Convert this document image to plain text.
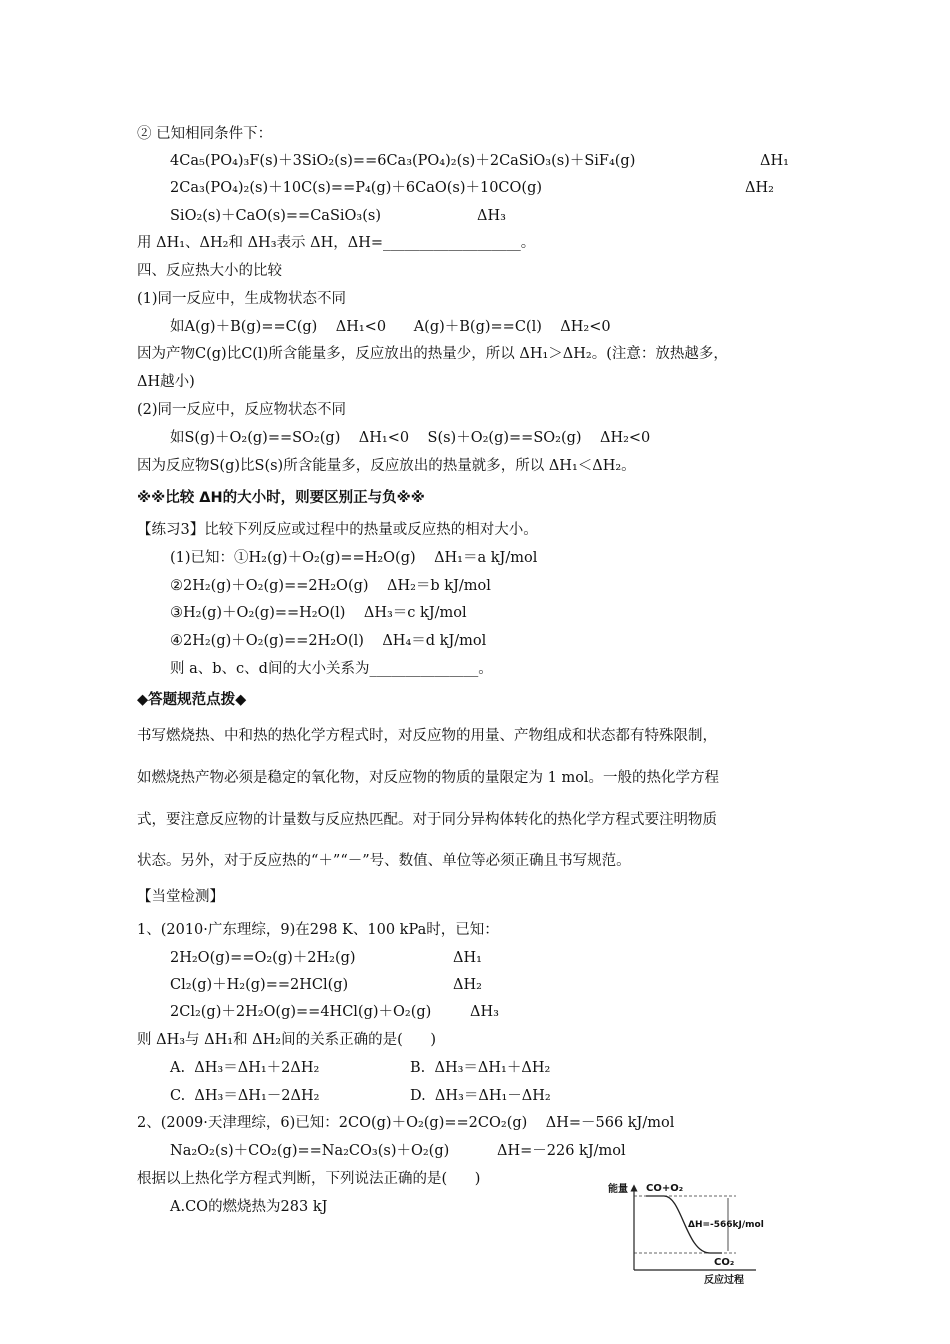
② 已知相同条件下：
4Ca₅(PO₄)₃F(s)＋3SiO₂(s)==6Ca₃(PO₄)₂(s)＋2CaSiO₃(s)＋SiF₄(g)	ΔH₁
2Ca₃(PO₄)₂(s)＋10C(s)==P₄(g)＋6CaO(s)＋10CO(g)	ΔH₂
SiO₂(s)＋CaO(s)==CaSiO₃(s)	ΔH₃
用 ΔH₁、ΔH₂和 ΔH₃表示 ΔH，ΔH=___________________。
四、反应热大小的比较
(1)同一反应中，生成物状态不同
如A(g)＋B(g)==C(g)    ΔH₁<0      A(g)＋B(g)==C(l)    ΔH₂<0
因为产物C(g)比C(l)所含能量多，反应放出的热量少，所以 ΔH₁＞ΔH₂。(注意：放热越多，
ΔH越小)
(2)同一反应中，反应物状态不同
如S(g)＋O₂(g)==SO₂(g)    ΔH₁<0    S(s)＋O₂(g)==SO₂(g)    ΔH₂<0
因为反应物S(g)比S(s)所含能量多，反应放出的热量就多，所以 ΔH₁＜ΔH₂。
※※比较 ΔH的大小时，则要区别正与负※※
【练习3】比较下列反应或过程中的热量或反应热的相对大小。
(1)已知：①H₂(g)＋O₂(g)==H₂O(g)    ΔH₁＝a kJ/mol
②2H₂(g)＋O₂(g)==2H₂O(g)    ΔH₂＝b kJ/mol
③H₂(g)＋O₂(g)==H₂O(l)    ΔH₃＝c kJ/mol
④2H₂(g)＋O₂(g)==2H₂O(l)    ΔH₄＝d kJ/mol
则 a、b、c、d间的大小关系为_______________。
◆答题规范点拨◆
书写燃烧热、中和热的热化学方程式时，对反应物的用量、产物组成和状态都有特殊限制，
如燃烧热产物必须是稳定的氧化物，对反应物的物质的量限定为 1 mol。一般的热化学方程
式，要注意反应物的计量数与反应热匹配。对于同分异构体转化的热化学方程式要注明物质
状态。另外，对于反应热的“＋”“－”号、数值、单位等必须正确且书写规范。
【当堂检测】
1、(2010·广东理综，9)在298 K、100 kPa时，已知：
2H₂O(g)==O₂(g)＋2H₂(g)	ΔH₁
Cl₂(g)＋H₂(g)==2HCl(g)	ΔH₂
2Cl₂(g)＋2H₂O(g)==4HCl(g)＋O₂(g)	ΔH₃
则 ΔH₃与 ΔH₁和 ΔH₂间的关系正确的是(      )
A.  ΔH₃＝ΔH₁＋2ΔH₂	B.  ΔH₃＝ΔH₁＋ΔH₂
C.  ΔH₃＝ΔH₁－2ΔH₂	D.  ΔH₃＝ΔH₁－ΔH₂
2、(2009·天津理综，6)已知：2CO(g)＋O₂(g)==2CO₂(g)    ΔH=－566 kJ/mol
Na₂O₂(s)＋CO₂(g)==Na₂CO₃(s)＋O₂(g)	ΔH=－226 kJ/mol
根据以上热化学方程式判断，下列说法正确的是(      )
A.CO的燃烧热为283 kJ
能量 CO+O₂
CO₂
ΔH=-566kJ/mol
反应过程
